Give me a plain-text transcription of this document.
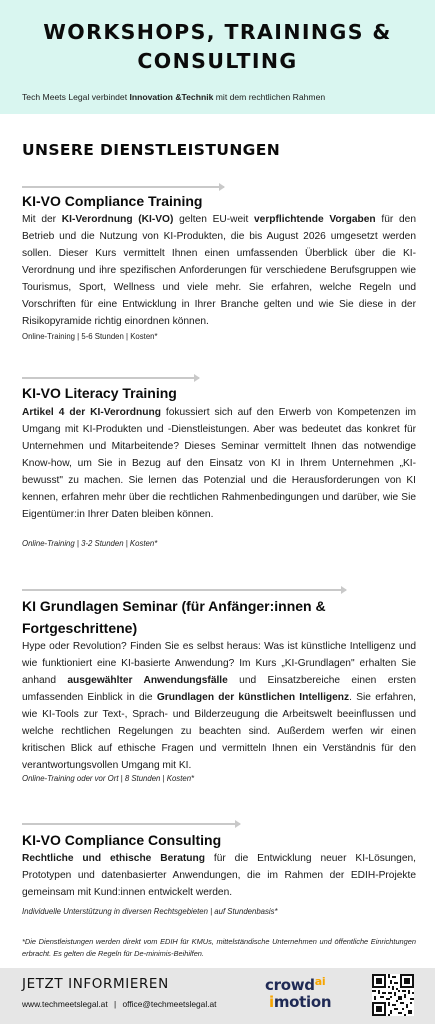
WORKSHOPS, TRAININGS &
CONSULTING
Tech Meets Legal verbindet Innovation &Technik mit dem rechtlichen Rahmen
UNSERE DIENSTLEISTUNGEN
KI-VO Compliance Training
Mit der KI-Verordnung (KI-VO) gelten EU-weit verpflichtende Vorgaben für den Betrieb und die Nutzung von KI-Produkten, die bis August 2026 umgesetzt werden sollen. Dieser Kurs vermittelt Ihnen einen umfassenden Überblick über die KI-Verordnung und ihre spezifischen Anforderungen für verschiedene Berufsgruppen wie Tourismus, Sport, Wellness und viele mehr. Sie erfahren, welche Regeln und Vorschriften für eine Entwicklung in Ihrer Branche gelten und wie Sie diese in der Risikopyramide richtig einordnen können.
Online-Training | 5-6 Stunden | Kosten*
KI-VO Literacy Training
Artikel 4 der KI-Verordnung fokussiert sich auf den Erwerb von Kompetenzen im Umgang mit KI-Produkten und -Dienstleistungen. Aber was bedeutet das konkret für Unternehmen und Mitarbeitende? Dieses Seminar vermittelt Ihnen das notwendige Know-how, um Sie in Bezug auf den Einsatz von KI in Ihrem Unternehmen „KI-bewusst" zu machen. Sie lernen das Potenzial und die Herausforderungen von KI kennen, erfahren mehr über die rechtlichen Rahmenbedingungen und darüber, wie Sie Eigentümer:in Ihrer Daten bleiben können.
Online-Training | 3-2 Stunden | Kosten*
KI Grundlagen Seminar (für Anfänger:innen &
Fortgeschrittene)
Hype oder Revolution? Finden Sie es selbst heraus: Was ist künstliche Intelligenz und wie funktioniert eine KI-basierte Anwendung? Im Kurs „KI-Grundlagen" erhalten Sie anhand ausgewählter Anwendungsfälle und Einsatzbereiche einen ersten umfassenden Einblick in die Grundlagen der künstlichen Intelligenz. Sie erfahren, wie KI-Tools zur Text-, Sprach- und Bilderzeugung die Arbeitswelt beeinflussen und welche rechtlichen Regelungen zu beachten sind. Außerdem werfen wir einen kritischen Blick auf ethische Fragen und vermitteln Ihnen ein Verständnis für den verantwortungsvollen Umgang mit KI.
Online-Training oder vor Ort | 8 Stunden | Kosten*
KI-VO Compliance Consulting
Rechtliche und ethische Beratung für die Entwicklung neuer KI-Lösungen, Prototypen und datenbasierter Anwendungen, die im Rahmen der EDIH-Projekte gemeinsam mit Kund:innen entwickelt werden.
Individuelle Unterstützung in diversen Rechtsgebieten | auf Stundenbasis*
*Die Dienstleistungen werden direkt vom EDIH für KMUs, mittelständische Unternehmen und öffentliche Einrichtungen erbracht. Es gelten die Regeln für De-minimis-Beihilfen.
JETZT INFORMIEREN
www.techmeetslegal.at | office@techmeetslegal.at
crowd$^{ai}$
imotion
